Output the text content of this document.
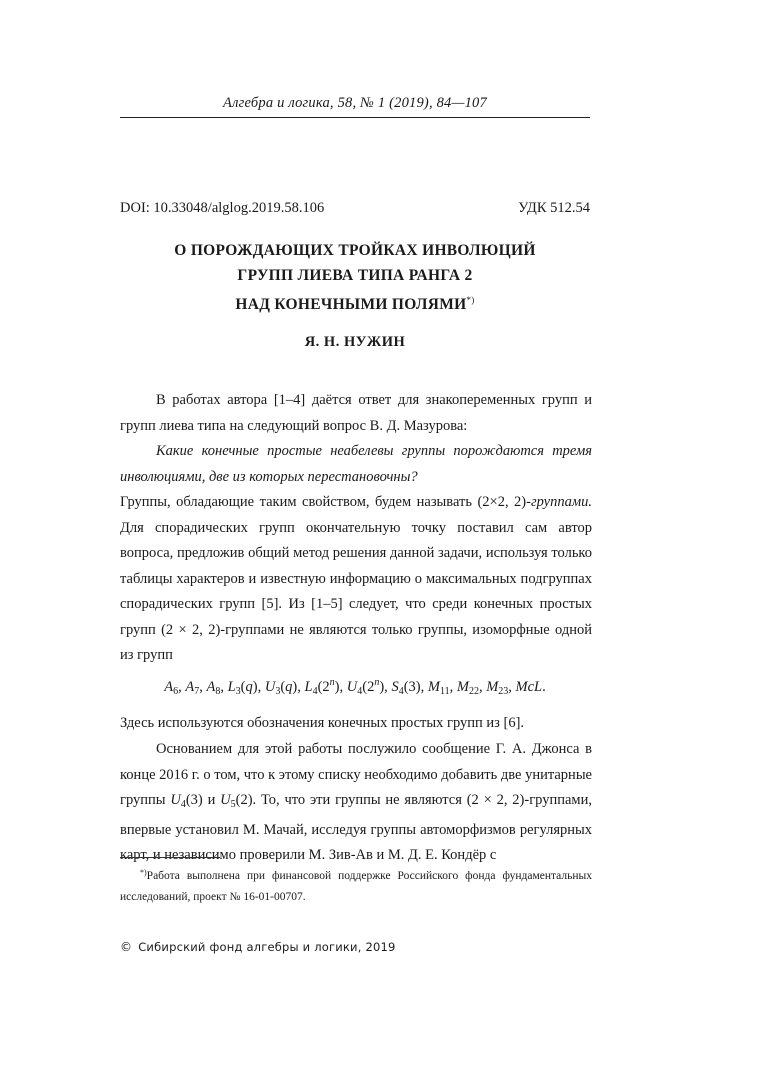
Алгебра и логика, 58, № 1 (2019), 84—107
DOI: 10.33048/alglog.2019.58.106	УДК 512.54
О ПОРОЖДАЮЩИХ ТРОЙКАХ ИНВОЛЮЦИЙ
ГРУПП ЛИЕВА ТИПА РАНГА 2
НАД КОНЕЧНЫМИ ПОЛЯМИ*)
Я. Н. НУЖИН
В работах автора [1–4] даётся ответ для знакопеременных групп и групп лиева типа на следующий вопрос В. Д. Мазурова:
Какие конечные простые неабелевы группы порождаются тремя инволюциями, две из которых перестановочны?
Группы, обладающие таким свойством, будем называть (2×2, 2)-группами. Для спорадических групп окончательную точку поставил сам автор вопроса, предложив общий метод решения данной задачи, используя только таблицы характеров и известную информацию о максимальных подгруппах спорадических групп [5]. Из [1–5] следует, что среди конечных простых групп (2 × 2, 2)-группами не являются только группы, изоморфные одной из групп
$A_6$, $A_7$, $A_8$, $L_3(q)$, $U_3(q)$, $L_4(2^n)$, $U_4(2^n)$, $S_4(3)$, $M_{11}$, $M_{22}$, $M_{23}$, McL.
Здесь используются обозначения конечных простых групп из [6].
Основанием для этой работы послужило сообщение Г. А. Джонса в конце 2016 г. о том, что к этому списку необходимо добавить две унитарные группы $U_4(3)$ и $U_5(2)$. То, что эти группы не являются (2 × 2, 2)-группами, впервые установил М. Мачай, исследуя группы автоморфизмов регулярных карт, и независимо проверили М. Зив-Ав и М. Д. Е. Кондёр с
*)Работа выполнена при финансовой поддержке Российского фонда фундаментальных исследований, проект № 16-01-00707.
© Сибирский фонд алгебры и логики, 2019
